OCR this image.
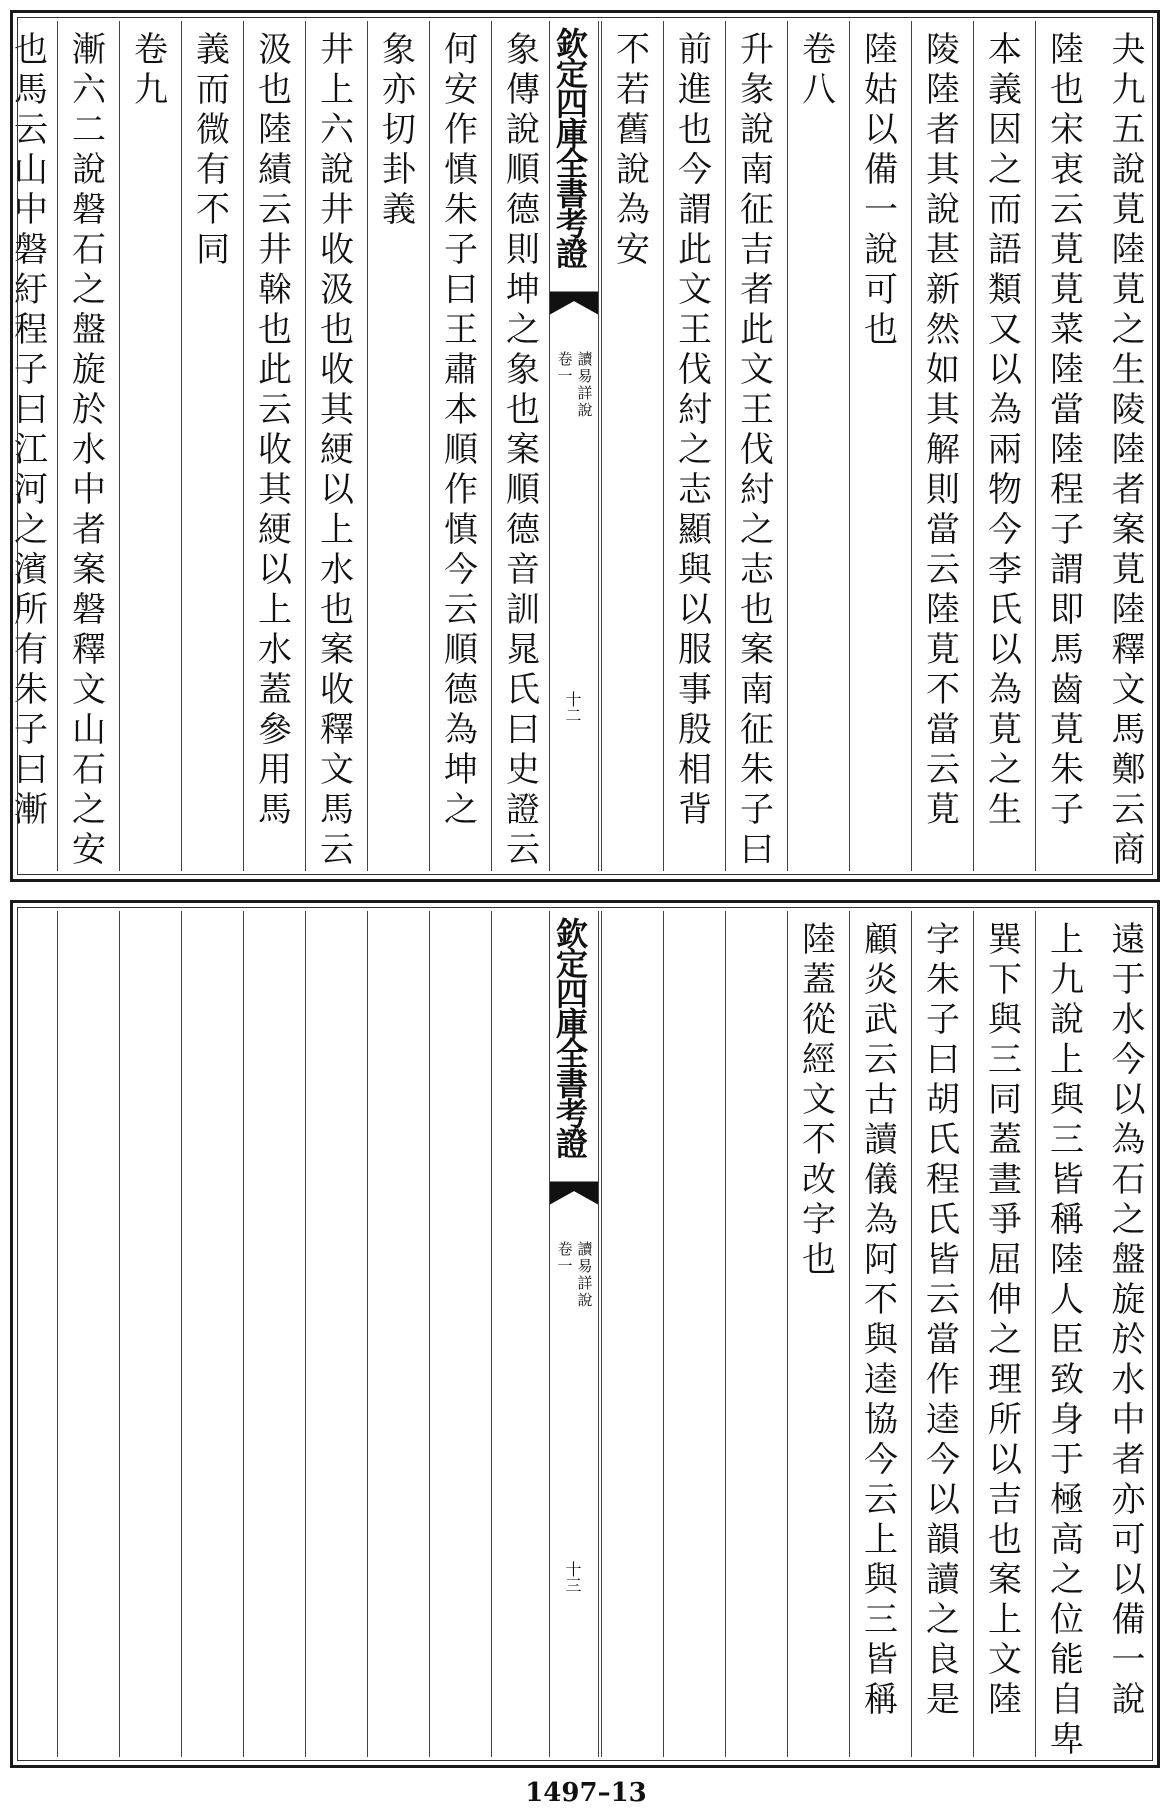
夬九五說莧陸莧之生陵陸者案莧陸釋文馬鄭云商
陸也宋衷云莧莧菜陸當陸程子謂即馬齒莧朱子
本義因之而語類又以為兩物今李氏以為莧之生
陵陸者其說甚新然如其解則當云陸莧不當云莧
陸姑以備一說可也
卷八
升彖說南征吉者此文王伐紂之志也案南征朱子曰
前進也今謂此文王伐紂之志顯與以服事殷相背
不若舊說為安
欽定四庫全書考證
卷一 讀易詳說
十二
象傳說順德則坤之象也案順德音訓晁氏曰史證云
何安作慎朱子曰王肅本順作慎今云順德為坤之
象亦切卦義
井上六說井收汲也收其綆以上水也案收釋文馬云
汲也陸績云井榦也此云收其綆以上水蓋參用馬
義而微有不同
卷九
漸六二說磐石之盤旋於水中者案磐釋文山石之安
也馬云山中磐紆程子曰江河之濱所有朱子曰漸
遠于水今以為石之盤旋於水中者亦可以備一說
上九說上與三皆稱陸人臣致身于極高之位能自卑
巽下與三同蓋晝爭屈伸之理所以吉也案上文陸
字朱子曰胡氏程氏皆云當作逵今以韻讀之良是
顧炎武云古讀儀為阿不與逵協今云上與三皆稱
陸蓋從經文不改字也
欽定四庫全書考證
卷一 讀易詳說
十三
1497–13
